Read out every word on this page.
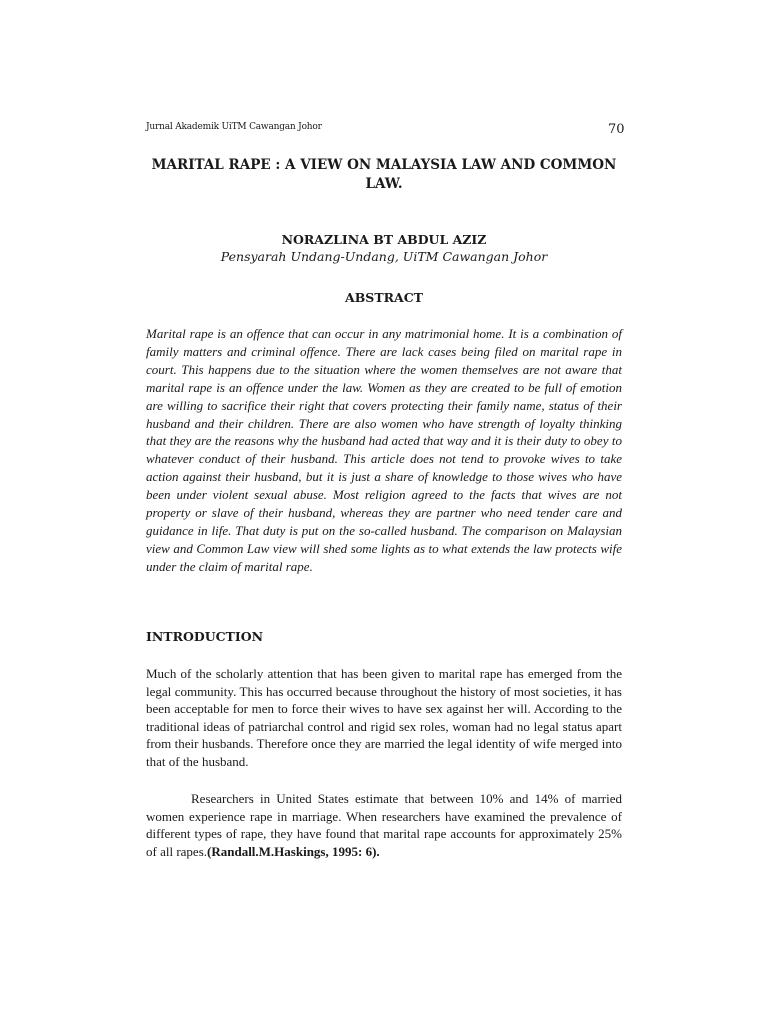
Jurnal Akademik UiTM Cawangan Johor	70
MARITAL RAPE : A VIEW ON MALAYSIA LAW AND COMMON LAW.
NORAZLINA BT ABDUL AZIZ
Pensyarah Undang-Undang, UiTM Cawangan Johor
ABSTRACT
Marital rape is an offence that can occur in any matrimonial home. It is a combination of family matters and criminal offence. There are lack cases being filed on marital rape in court. This happens due to the situation where the women themselves are not aware that marital rape is an offence under the law. Women as they are created to be full of emotion are willing to sacrifice their right that covers protecting their family name, status of their husband and their children. There are also women who have strength of loyalty thinking that they are the reasons why the husband had acted that way and it is their duty to obey to whatever conduct of their husband. This article does not tend to provoke wives to take action against their husband, but it is just a share of knowledge to those wives who have been under violent sexual abuse. Most religion agreed to the facts that wives are not property or slave of their husband, whereas they are partner who need tender care and guidance in life. That duty is put on the so-called husband. The comparison on Malaysian view and Common Law view will shed some lights as to what extends the law protects wife under the claim of marital rape.
INTRODUCTION

Much of the scholarly attention that has been given to marital rape has emerged from the legal community. This has occurred because throughout the history of most societies, it has been acceptable for men to force their wives to have sex against her will. According to the traditional ideas of patriarchal control and rigid sex roles, woman had no legal status apart from their husbands. Therefore once they are married the legal identity of wife merged into that of the husband.

Researchers in United States estimate that between 10% and 14% of married women experience rape in marriage. When researchers have examined the prevalence of different types of rape, they have found that marital rape accounts for approximately 25% of all rapes.(Randall.M.Haskings, 1995: 6).
